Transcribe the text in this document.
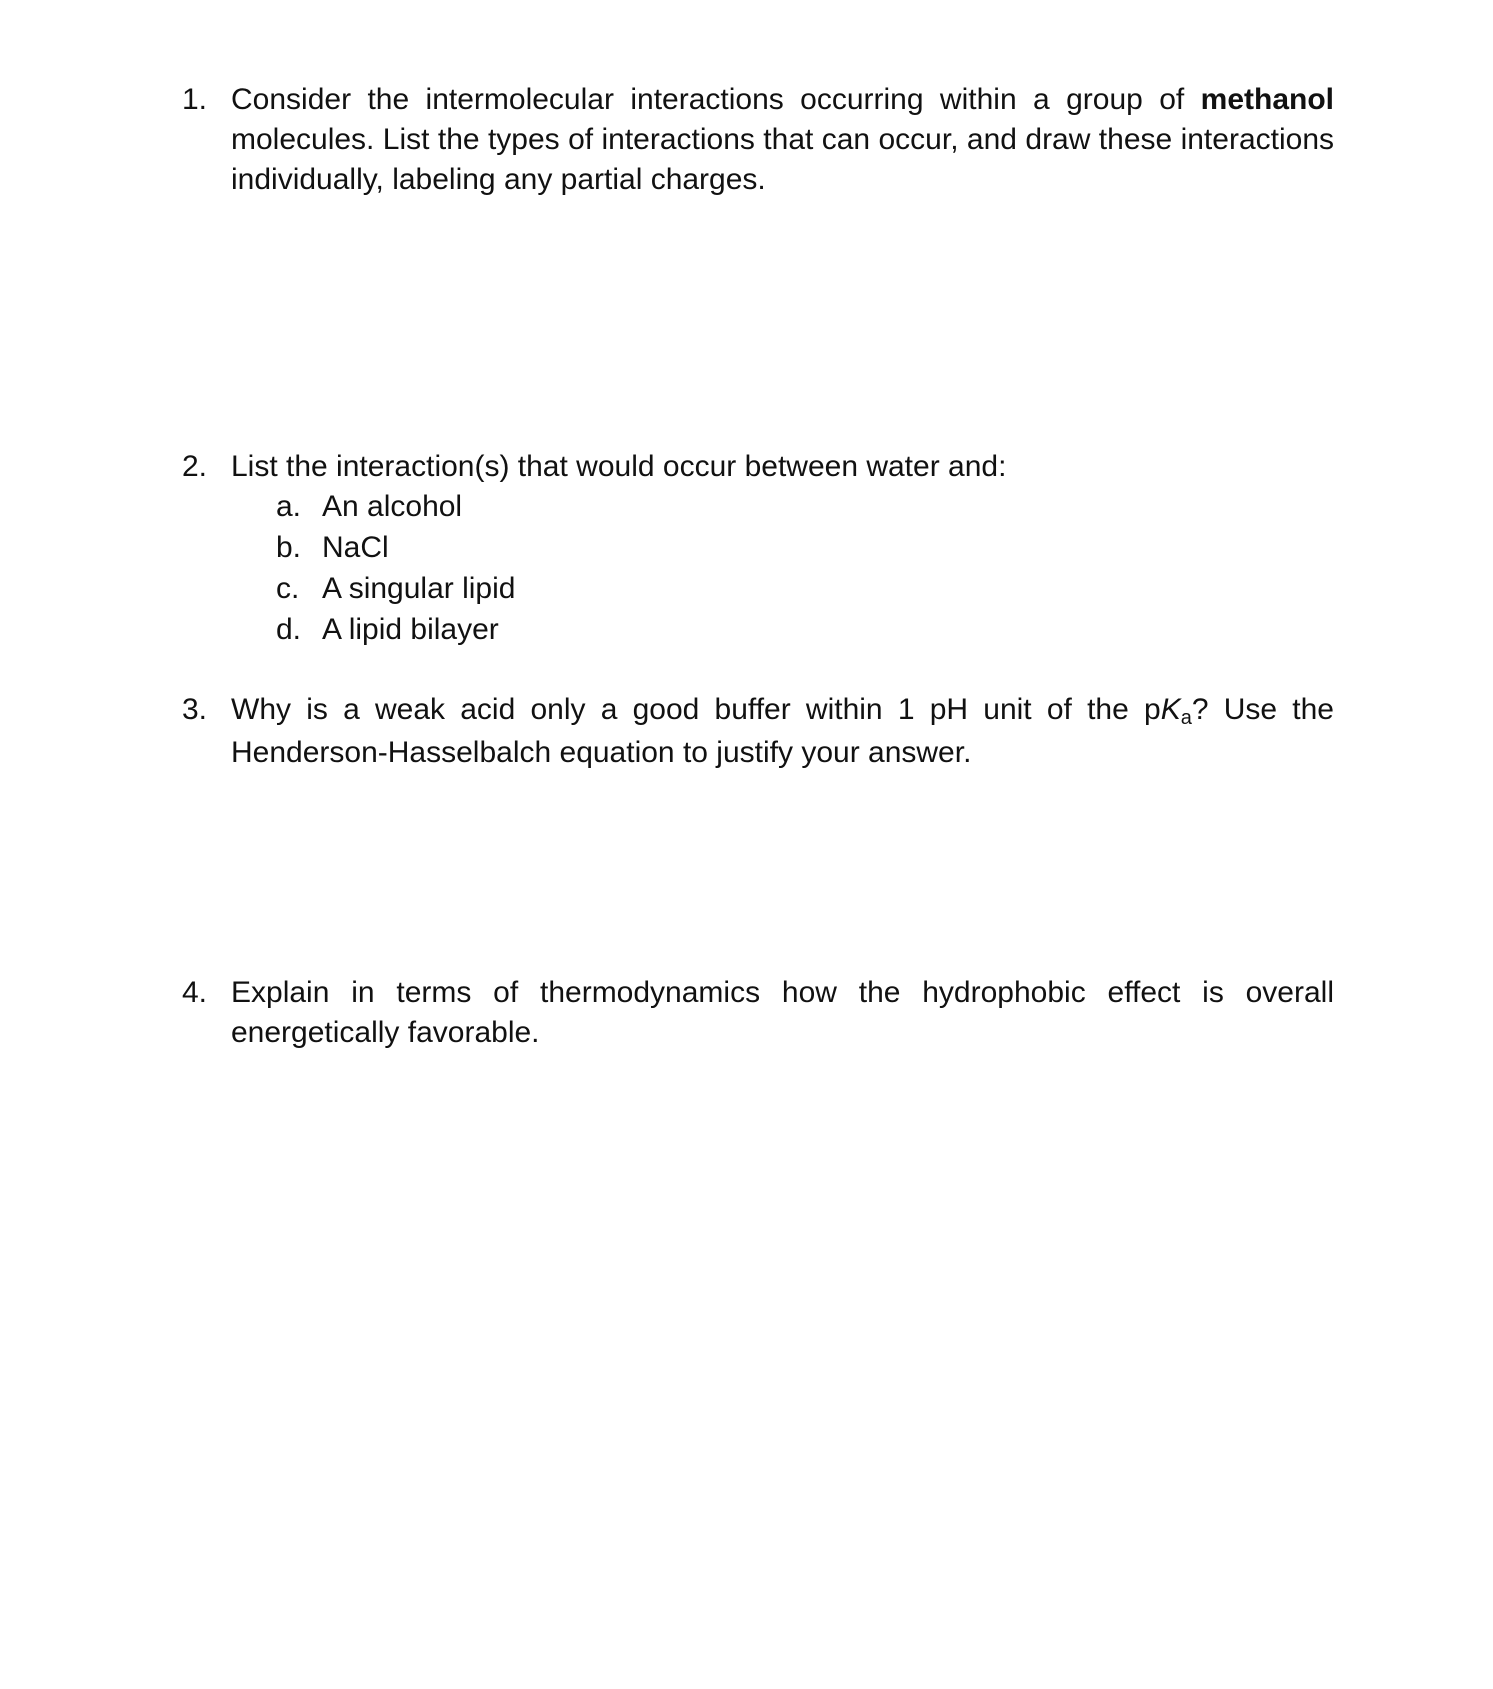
1. Consider the intermolecular interactions occurring within a group of methanol molecules. List the types of interactions that can occur, and draw these interactions individually, labeling any partial charges.
2. List the interaction(s) that would occur between water and:
a. An alcohol
b. NaCl
c. A singular lipid
d. A lipid bilayer
3. Why is a weak acid only a good buffer within 1 pH unit of the pKa? Use the Henderson-Hasselbalch equation to justify your answer.
4. Explain in terms of thermodynamics how the hydrophobic effect is overall energetically favorable.
